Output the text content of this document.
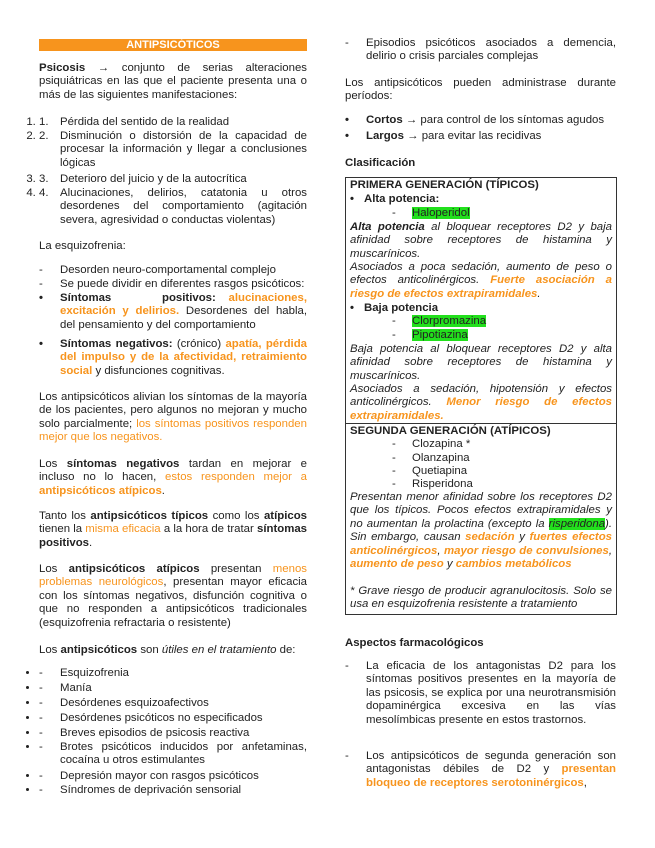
ANTIPSICÓTICOS

Psicosis → conjunto de serias alteraciones psiquiátricas en las que el paciente presenta una o más de las siguientes manifestaciones:

1. 1. Pérdida del sentido de la realidad
2. 2. Disminución o distorsión de la capacidad de procesar la información y llegar a conclusiones lógicas
3. 3. Deterioro del juicio y de la autocrítica
4. 4. Alucinaciones, delirios, catatonia u otros desordenes del comportamiento (agitación severa, agresividad o conductas violentas)

La esquizofrenia:

- Desorden neuro-comportamental complejo
- Se puede dividir en diferentes rasgos psicóticos:
• Síntomas positivos: alucinaciones, excitación y delirios. Desordenes del habla, del pensamiento y del comportamiento
• Síntomas negativos: (crónico) apatía, pérdida del impulso y de la afectividad, retraimiento social y disfunciones cognitivas.

Los antipsicóticos alivian los síntomas de la mayoría de los pacientes, pero algunos no mejoran y mucho solo parcialmente; los síntomas positivos responden mejor que los negativos.

Los síntomas negativos tardan en mejorar e incluso no lo hacen, estos responden mejor a antipsicóticos atípicos.

Tanto los antipsicóticos típicos como los atípicos tienen la misma eficacia a la hora de tratar síntomas positivos.

Los antipsicóticos atípicos presentan menos problemas neurológicos, presentan mayor eficacia con los síntomas negativos, disfunción cognitiva o que no responden a antipsicóticos tradicionales (esquizofrenia refractaria o resistente)

Los antipsicóticos son útiles en el tratamiento de:

• - Esquizofrenia
• - Manía
• - Desórdenes esquizoafectivos
• - Desórdenes psicóticos no especificados
• - Breves episodios de psicosis reactiva
• - Brotes psicóticos inducidos por anfetaminas, cocaína u otros estimulantes
• - Depresión mayor con rasgos psicóticos
• - Síndromes de deprivación sensorial
- Episodios psicóticos asociados a demencia, delirio o crisis parciales complejas

Los antipsicóticos pueden administrase durante períodos:

• Cortos → para control de los síntomas agudos
• Largos → para evitar las recidivas
Clasificación
PRIMERA GENERACIÓN (TÍPICOS)
• Alta potencia:
- Haloperidol
Alta potencia al bloquear receptores D2 y baja afinidad sobre receptores de histamina y muscarínicos.
Asociados a poca sedación, aumento de peso o efectos anticolinérgicos. Fuerte asociación a riesgo de efectos extrapiramidales.
• Baja potencia
- Clorpromazina
- Pipotiazina
Baja potencia al bloquear receptores D2 y alta afinidad sobre receptores de histamina y muscarínicos.
Asociados a sedación, hipotensión y efectos anticolinérgicos. Menor riesgo de efectos extrapiramidales.
SEGUNDA GENERACIÓN (ATÍPICOS)
- Clozapina *
- Olanzapina
- Quetiapina
- Risperidona
Presentan menor afinidad sobre los receptores D2 que los típicos. Pocos efectos extrapiramidales y no aumentan la prolactina (excepto la risperidona). Sin embargo, causan sedación y fuertes efectos anticolinérgicos, mayor riesgo de convulsiones, aumento de peso y cambios metabólicos
* Grave riesgo de producir agranulocitosis. Solo se usa en esquizofrenia resistente a tratamiento
Aspectos farmacológicos
- La eficacia de los antagonistas D2 para los síntomas positivos presentes en la mayoría de las psicosis, se explica por una neurotransmisión dopaminérgica excesiva en las vías mesolímbicas presente en estos trastornos.
- Los antipsicóticos de segunda generación son antagonistas débiles de D2 y presentan bloqueo de receptores serotoninérgicos,
